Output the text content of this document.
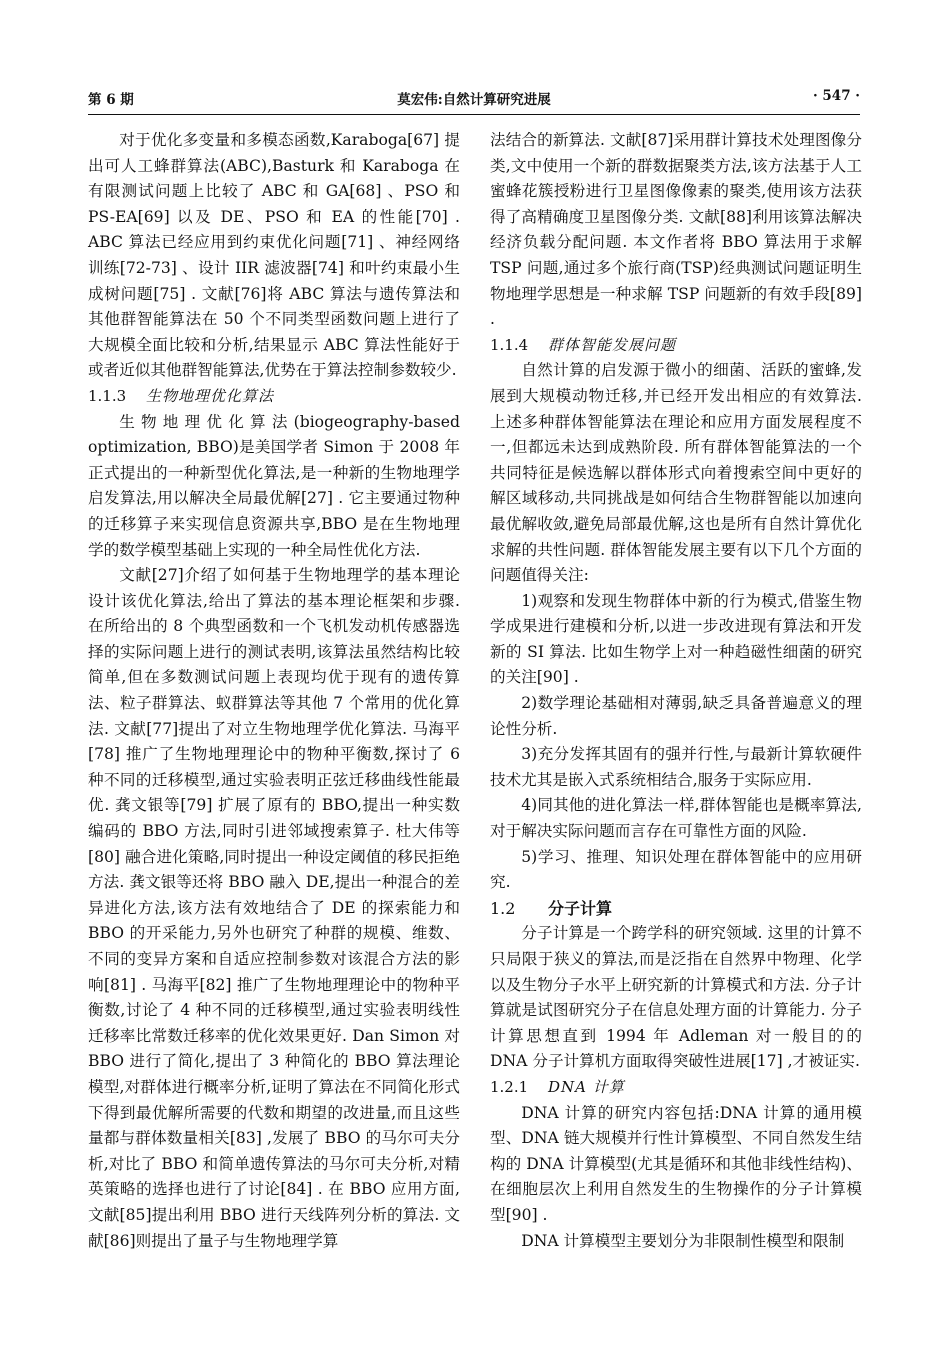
第 6 期	莫宏伟:自然计算研究进展	· 547 ·

对于优化多变量和多模态函数,Karaboga[67] 提出可人工蜂群算法(ABC),Basturk 和 Karaboga 在有限测试问题上比较了 ABC 和 GA[68] 、PSO 和 PS-EA[69] 以及 DE、PSO 和 EA 的性能[70] . ABC 算法已经应用到约束优化问题[71] 、神经网络训练[72-73] 、设计 IIR 滤波器[74] 和叶约束最小生成树问题[75] . 文献[76]将 ABC 算法与遗传算法和其他群智能算法在 50 个不同类型函数问题上进行了大规模全面比较和分析,结果显示 ABC 算法性能好于或者近似其他群智能算法,优势在于算法控制参数较少.

1.1.3 生物地理优化算法

生物地理优化算法(biogeography-based optimization, BBO)是美国学者 Simon 于 2008 年正式提出的一种新型优化算法,是一种新的生物地理学启发算法,用以解决全局最优解[27] . 它主要通过物种的迁移算子来实现信息资源共享,BBO 是在生物地理学的数学模型基础上实现的一种全局性优化方法.

文献[27]介绍了如何基于生物地理学的基本理论设计该优化算法,给出了算法的基本理论框架和步骤. 在所给出的 8 个典型函数和一个飞机发动机传感器选择的实际问题上进行的测试表明,该算法虽然结构比较简单,但在多数测试问题上表现均优于现有的遗传算法、粒子群算法、蚁群算法等其他 7 个常用的优化算法. 文献[77]提出了对立生物地理学优化算法. 马海平[78] 推广了生物地理理论中的物种平衡数,探讨了 6 种不同的迁移模型,通过实验表明正弦迁移曲线性能最优. 龚文银等[79] 扩展了原有的 BBO,提出一种实数编码的 BBO 方法,同时引进邻域搜索算子. 杜大伟等[80] 融合进化策略,同时提出一种设定阈值的移民拒绝方法. 龚文银等还将 BBO 融入 DE,提出一种混合的差异进化方法,该方法有效地结合了 DE 的探索能力和 BBO 的开采能力,另外也研究了种群的规模、维数、不同的变异方案和自适应控制参数对该混合方法的影响[81] . 马海平[82] 推广了生物地理理论中的物种平衡数,讨论了 4 种不同的迁移模型,通过实验表明线性迁移率比常数迁移率的优化效果更好. Dan Simon 对 BBO 进行了简化,提出了 3 种简化的 BBO 算法理论模型,对群体进行概率分析,证明了算法在不同简化形式下得到最优解所需要的代数和期望的改进量,而且这些量都与群体数量相关[83] ,发展了 BBO 的马尔可夫分析,对比了 BBO 和简单遗传算法的马尔可夫分析,对精英策略的选择也进行了讨论[84] . 在 BBO 应用方面,文献[85]提出利用 BBO 进行天线阵列分析的算法. 文献[86]则提出了量子与生物地理学算

法结合的新算法. 文献[87]采用群计算技术处理图像分类,文中使用一个新的群数据聚类方法,该方法基于人工蜜蜂花簇授粉进行卫星图像像素的聚类,使用该方法获得了高精确度卫星图像分类. 文献[88]利用该算法解决经济负载分配问题. 本文作者将 BBO 算法用于求解 TSP 问题,通过多个旅行商(TSP)经典测试问题证明生物地理学思想是一种求解 TSP 问题新的有效手段[89] .

1.1.4 群体智能发展问题

自然计算的启发源于微小的细菌、活跃的蜜蜂,发展到大规模动物迁移,并已经开发出相应的有效算法. 上述多种群体智能算法在理论和应用方面发展程度不一,但都远未达到成熟阶段. 所有群体智能算法的一个共同特征是候选解以群体形式向着搜索空间中更好的解区域移动,共同挑战是如何结合生物群智能以加速向最优解收敛,避免局部最优解,这也是所有自然计算优化求解的共性问题. 群体智能发展主要有以下几个方面的问题值得关注:

1)观察和发现生物群体中新的行为模式,借鉴生物学成果进行建模和分析,以进一步改进现有算法和开发新的 SI 算法. 比如生物学上对一种趋磁性细菌的研究的关注[90] .

2)数学理论基础相对薄弱,缺乏具备普遍意义的理论性分析.

3)充分发挥其固有的强并行性,与最新计算软硬件技术尤其是嵌入式系统相结合,服务于实际应用.

4)同其他的进化算法一样,群体智能也是概率算法,对于解决实际问题而言存在可靠性方面的风险.

5)学习、推理、知识处理在群体智能中的应用研究.

1.2 分子计算

分子计算是一个跨学科的研究领域. 这里的计算不只局限于狭义的算法,而是泛指在自然界中物理、化学以及生物分子水平上研究新的计算模式和方法. 分子计算就是试图研究分子在信息处理方面的计算能力. 分子计算思想直到 1994 年 Adleman 对一般目的的 DNA 分子计算机方面取得突破性进展[17] ,才被证实.

1.2.1 DNA 计算

DNA 计算的研究内容包括:DNA 计算的通用模型、DNA 链大规模并行性计算模型、不同自然发生结构的 DNA 计算模型(尤其是循环和其他非线性结构)、在细胞层次上利用自然发生的生物操作的分子计算模型[90] .

DNA 计算模型主要划分为非限制性模型和限制
